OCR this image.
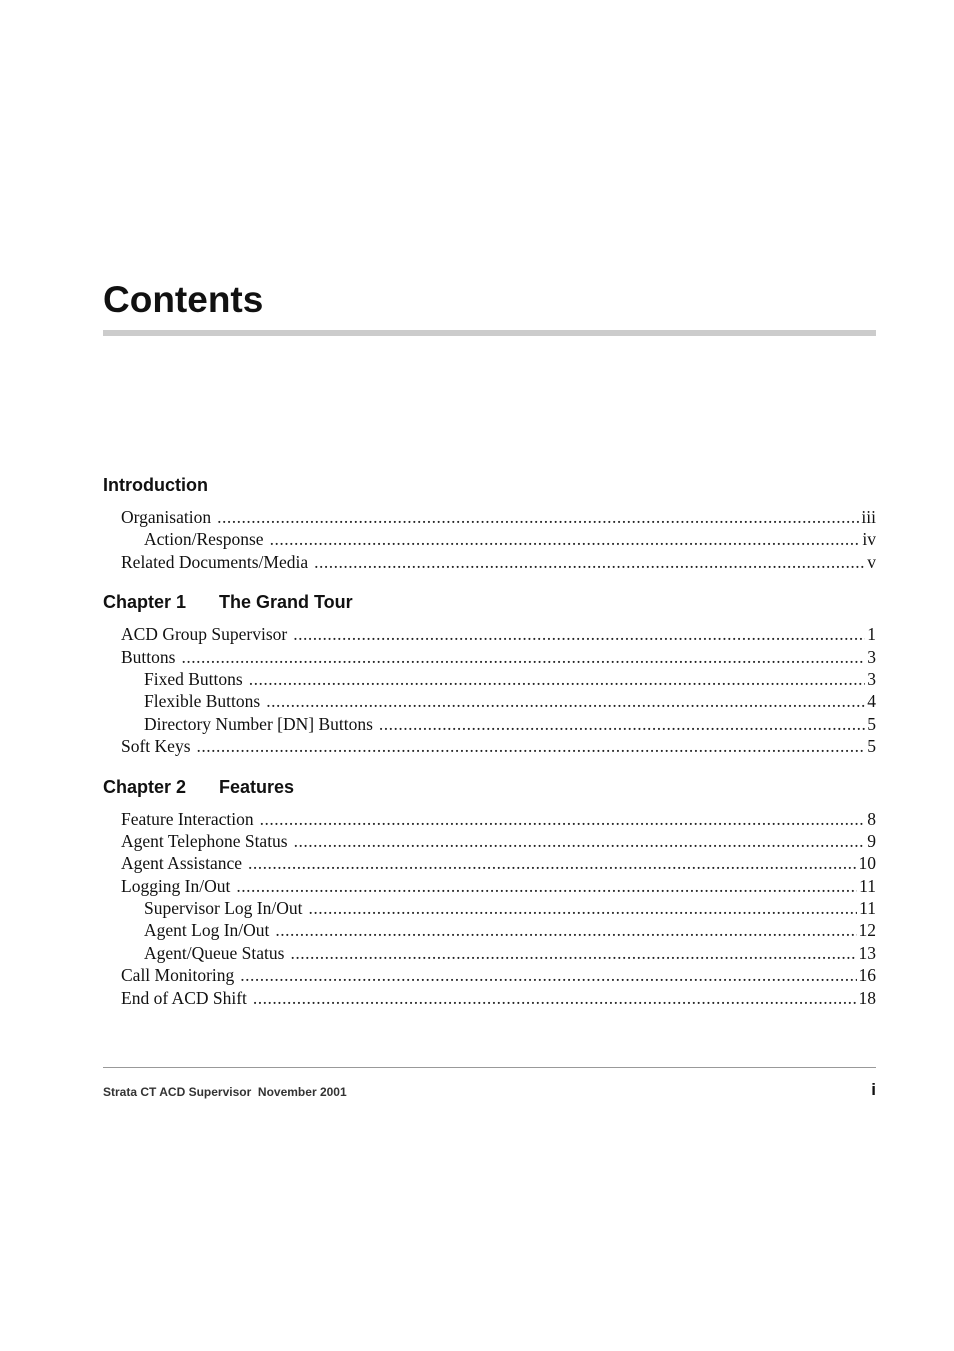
Contents
Introduction
Organisation .....	iii
Action/Response .....	iv
Related Documents/Media .....	v
Chapter 1	The Grand Tour
ACD Group Supervisor .....	1
Buttons .....	3
Fixed Buttons .....	3
Flexible Buttons .....	4
Directory Number [DN] Buttons .....	5
Soft Keys .....	5
Chapter 2	Features
Feature Interaction .....	8
Agent Telephone Status .....	9
Agent Assistance .....	10
Logging In/Out .....	11
Supervisor Log In/Out .....	11
Agent Log In/Out .....	12
Agent/Queue Status .....	13
Call Monitoring .....	16
End of ACD Shift .....	18
Strata CT ACD Supervisor  November 2001	i
